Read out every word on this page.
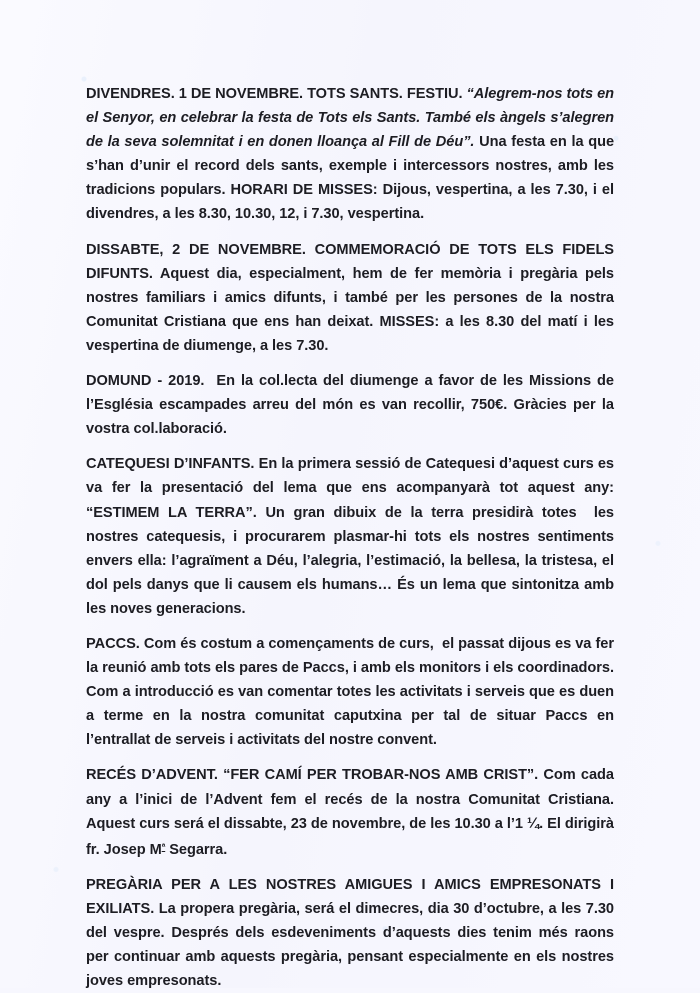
DIVENDRES. 1 DE NOVEMBRE. TOTS SANTS. FESTIU. “Alegrem-nos tots en el Senyor, en celebrar la festa de Tots els Sants. També els àngels s’alegren de la seva solemnitat i en donen lloança al Fill de Déu”. Una festa en la que s’han d’unir el record dels sants, exemple i intercessors nostres, amb les tradicions populars. HORARI DE MISSES: Dijous, vespertina, a les 7.30, i el divendres, a les 8.30, 10.30, 12, i 7.30, vespertina.

DISSABTE, 2 DE NOVEMBRE. COMMEMORACIÓ DE TOTS ELS FIDELS DIFUNTS. Aquest dia, especialment, hem de fer memòria i pregària pels nostres familiars i amics difunts, i també per les persones de la nostra Comunitat Cristiana que ens han deixat. MISSES: a les 8.30 del matí i les vespertina de diumenge, a les 7.30.

DOMUND - 2019.  En la col.lecta del diumenge a favor de les Missions de l’Església escampades arreu del món es van recollir, 750€. Gràcies per la vostra col.laboració.

CATEQUESI D’INFANTS. En la primera sessió de Catequesi d’aquest curs es va fer la presentació del lema que ens acompanyarà tot aquest any: “ESTIMEM LA TERRA”. Un gran dibuix de la terra presidirà totes  les nostres catequesis, i procurarem plasmar-hi tots els nostres sentiments envers ella: l’agraïment a Déu, l’alegria, l’estimació, la bellesa, la tristesa, el dol pels danys que li causem els humans… És un lema que sintonitza amb les noves generacions.

PACCS. Com és costum a començaments de curs,  el passat dijous es va fer la reunió amb tots els pares de Paccs, i amb els monitors i els coordinadors. Com a introducció es van comentar totes les activitats i serveis que es duen a terme en la nostra comunitat caputxina per tal de situar Paccs en l’entrallat de serveis i activitats del nostre convent.

RECÉS D’ADVENT. “FER CAMÍ PER TROBAR-NOS AMB CRIST”. Com cada any a l’inici de l’Advent fem el recés de la nostra Comunitat Cristiana. Aquest curs será el dissabte, 23 de novembre, de les 10.30 a l’1 ¼. El dirigirà fr. Josep $M^ª$ Segarra.

PREGÀRIA PER A LES NOSTRES AMIGUES I AMICS EMPRESONATS I EXILIATS. La propera pregària, será el dimecres, dia 30 d’octubre, a les 7.30 del vespre. Després dels esdeveniments d’aquests dies tenim més raons per continuar amb aquests pregària, pensant especialmente en els nostres joves empresonats.
